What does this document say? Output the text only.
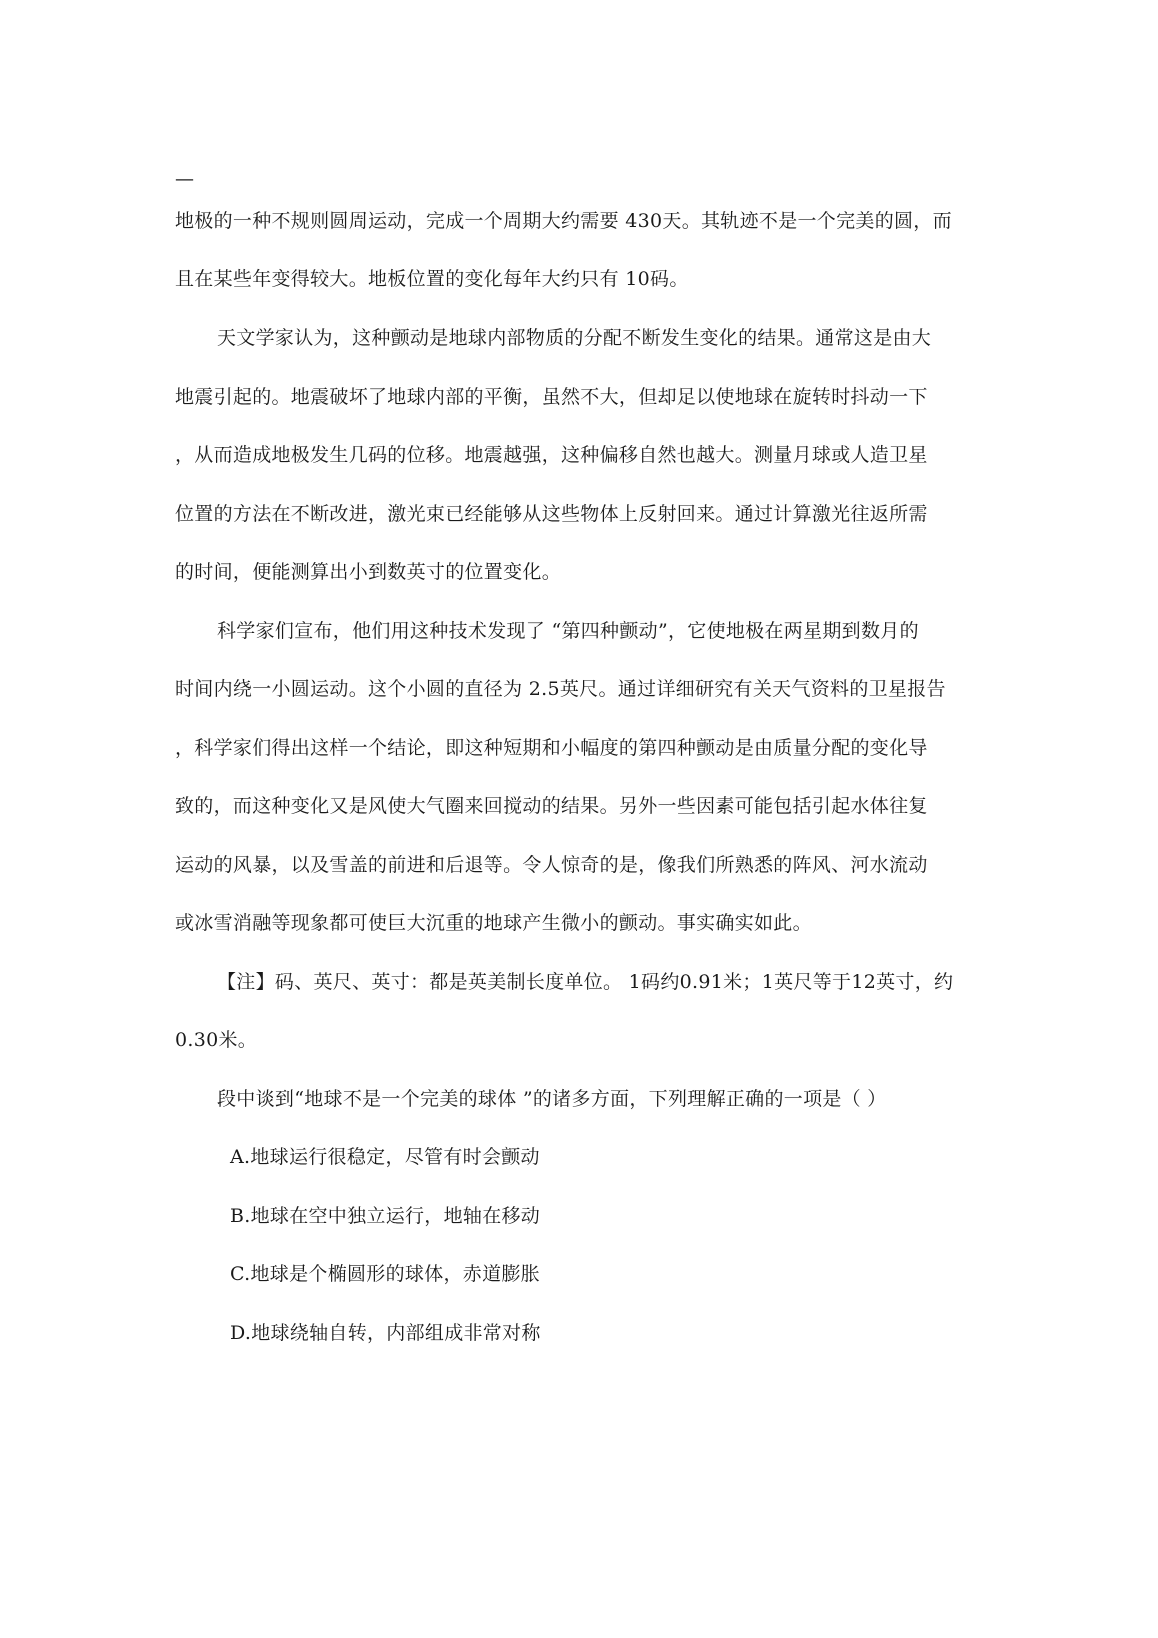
—
地极的一种不规则圆周运动，完成一个周期大约需要 430天。其轨迹不是一个完美的圆，而
且在某些年变得较大。地板位置的变化每年大约只有 10码。
天文学家认为，这种颤动是地球内部物质的分配不断发生变化的结果。通常这是由大
地震引起的。地震破坏了地球内部的平衡，虽然不大，但却足以使地球在旋转时抖动一下
，从而造成地极发生几码的位移。地震越强，这种偏移自然也越大。测量月球或人造卫星
位置的方法在不断改进，激光束已经能够从这些物体上反射回来。通过计算激光往返所需
的时间，便能测算出小到数英寸的位置变化。
科学家们宣布，他们用这种技术发现了 “第四种颤动”，它使地极在两星期到数月的
时间内绕一小圆运动。这个小圆的直径为 2.5英尺。通过详细研究有关天气资料的卫星报告
，科学家们得出这样一个结论，即这种短期和小幅度的第四种颤动是由质量分配的变化导
致的，而这种变化又是风使大气圈来回搅动的结果。另外一些因素可能包括引起水体往复
运动的风暴，以及雪盖的前进和后退等。令人惊奇的是，像我们所熟悉的阵风、河水流动
或冰雪消融等现象都可使巨大沉重的地球产生微小的颤动。事实确实如此。
【注】码、英尺、英寸：都是英美制长度单位。 1码约0.91米；1英尺等于12英寸，约
0.30米。
段中谈到“地球不是一个完美的球体 ”的诸多方面，下列理解正确的一项是（ ）
A.地球运行很稳定，尽管有时会颤动
B.地球在空中独立运行，地轴在移动
C.地球是个椭圆形的球体，赤道膨胀
D.地球绕轴自转，内部组成非常对称
